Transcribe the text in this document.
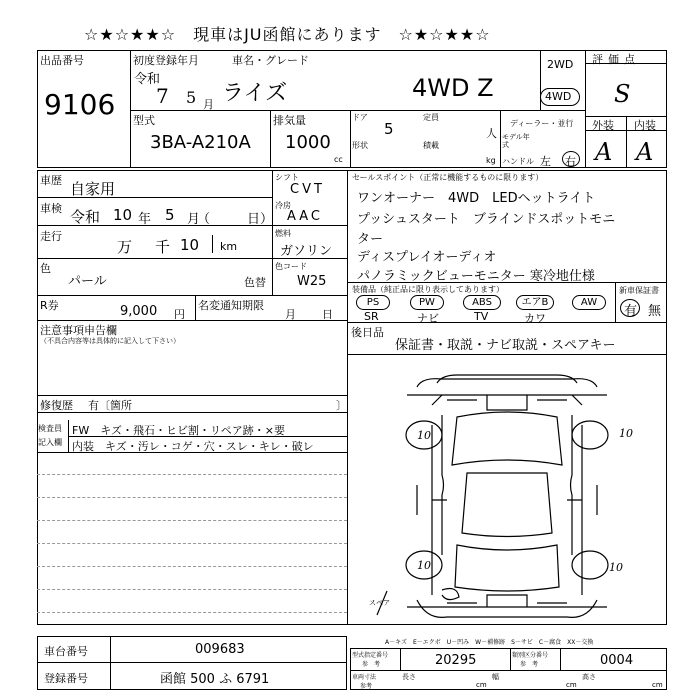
☆★☆★★☆　現車はJU函館にあります　☆★☆★★☆
出品番号
9106
初度登録年月
令和
7 5 月
車名・グレード
ライズ	4WD Z
2WD
4WD
評価点
S
型式
3BA-A210A
排気量
1000
cc
ドア
5
定員
人
形状	積載
kg
ディーラー・並行
モデル年式
ハンドル 左 右
外装 内装
A A
車歴 自家用
車検 令和 10 年 5 月
（	日）
走行
万 千 10 km
シフト
CVT
冷房
AAC
燃料
ガソリン
色
パール	色替
色コード
W25
R券	9,000 円
名変通知期限
月 日
注意事項申告欄
（不具合内容等は具体的に記入して下さい）
修復歴 有〔箇所	〕
検査員
記入欄
FW　キズ・飛石・ヒビ割・リペア跡・×要
内装　キズ・汚レ・コゲ・穴・スレ・キレ・破レ
セールスポイント（正常に機能するものに限ります）
ワンオーナー　4WD　LEDヘットライト
プッシュスタート　ブラインドスポットモニ
ター
ディスプレイオーディオ
パノラミックビューモニター 寒冷地仕様
装備品（純正品に限り表示してあります）
PS	PW	ABS	エアB	AW
SR	ナビ	TV	カワ
新車保証書
有 無
後日品
保証書・取説・ナビ取説・スペアキー
10	10
10	10
スペア
A－キズ　E－エクボ　U－凹み　W－補修跡　S－サビ　C－腐食　XX－交換
車台番号	009683
登録番号	函館 500 ふ 6791
型式指定番号
参　考	20295	類別区分番号
参　考	0004
車両寸法
参考
長さ
cm
幅
cm
高さ
cm
